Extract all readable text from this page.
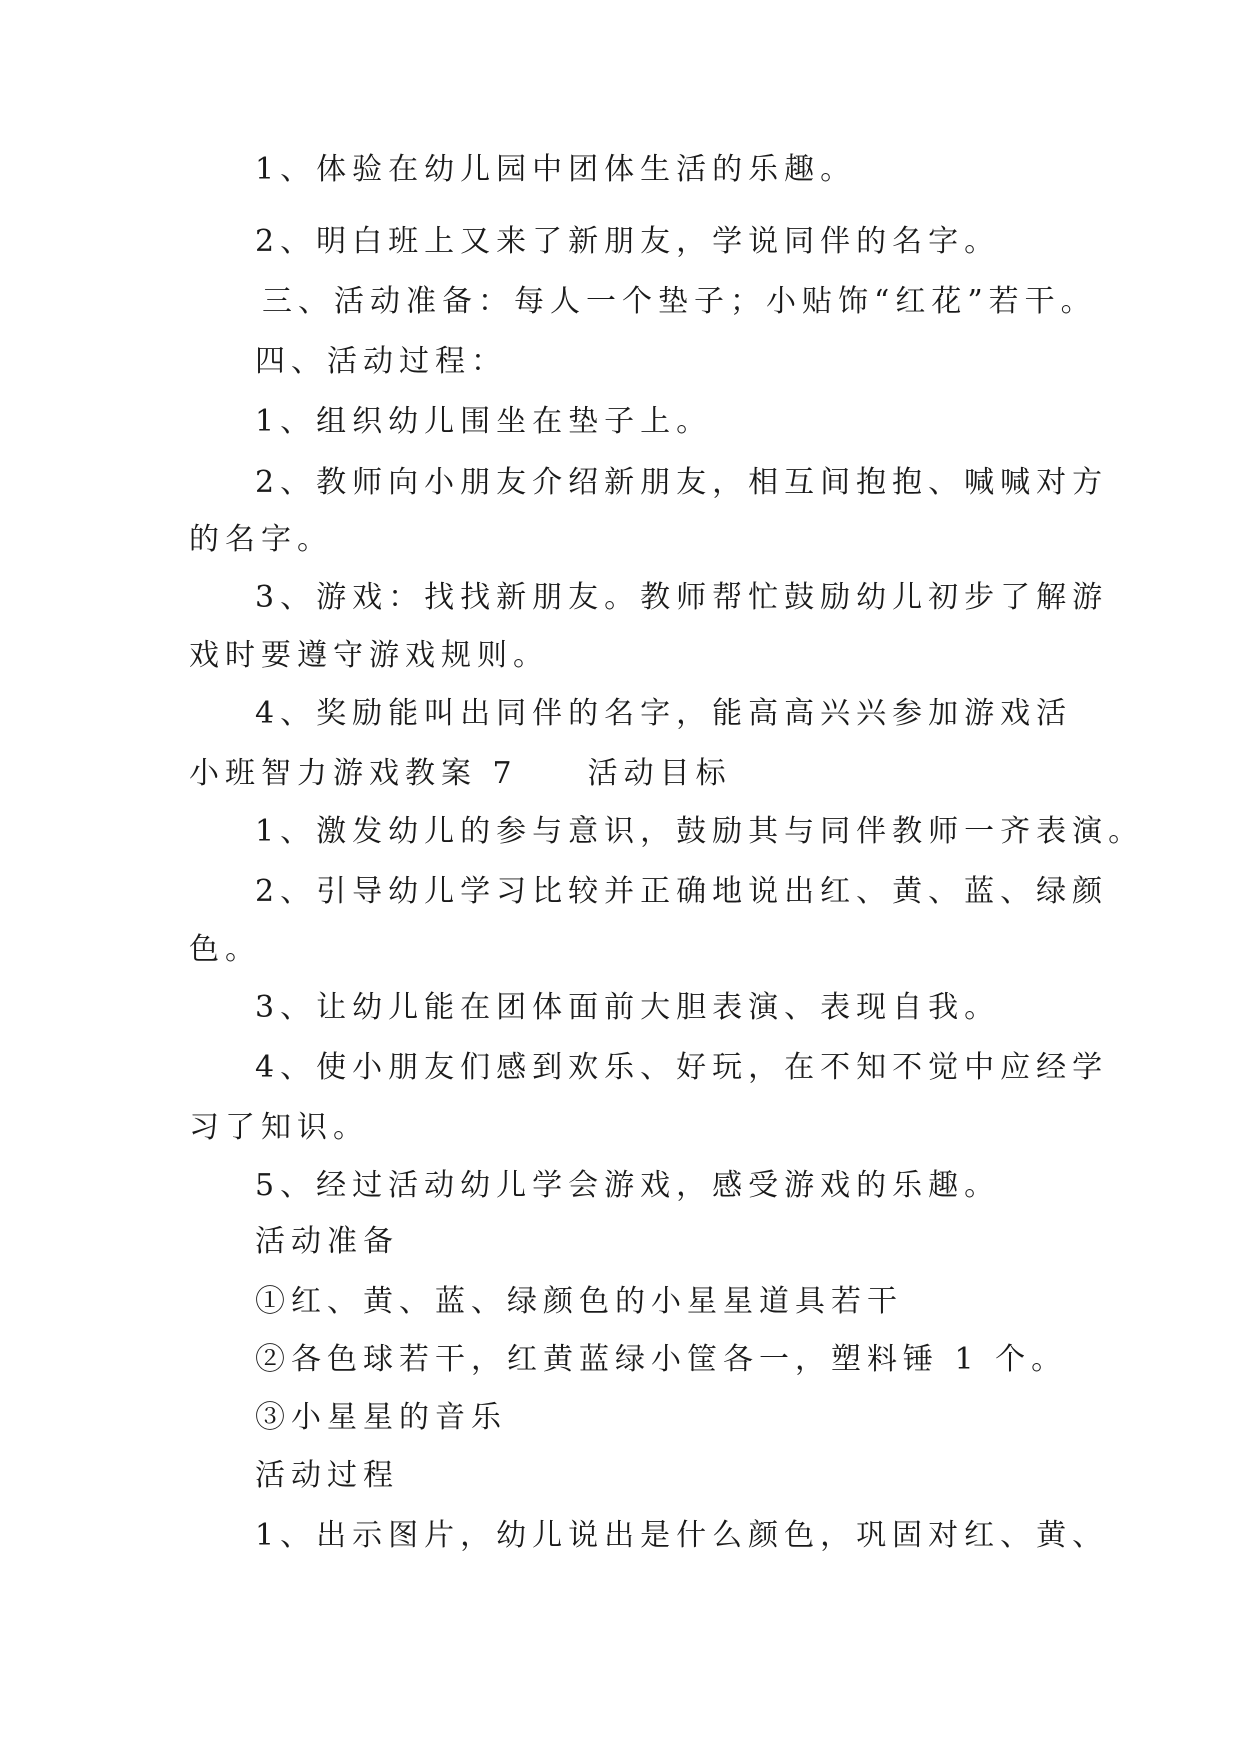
1、体验在幼儿园中团体生活的乐趣。
2、明白班上又来了新朋友，学说同伴的名字。
三、活动准备：每人一个垫子；小贴饰“红花”若干。
四、活动过程：
1、组织幼儿围坐在垫子上。
2、教师向小朋友介绍新朋友，相互间抱抱、喊喊对方
的名字。
3、游戏：找找新朋友。教师帮忙鼓励幼儿初步了解游
戏时要遵守游戏规则。
4、奖励能叫出同伴的名字，能高高兴兴参加游戏活
小班智力游戏教案 7 活动目标
1、激发幼儿的参与意识，鼓励其与同伴教师一齐表演。
2、引导幼儿学习比较并正确地说出红、黄、蓝、绿颜
色。
3、让幼儿能在团体面前大胆表演、表现自我。
4、使小朋友们感到欢乐、好玩，在不知不觉中应经学
习了知识。
5、经过活动幼儿学会游戏，感受游戏的乐趣。
活动准备
①红、黄、蓝、绿颜色的小星星道具若干
②各色球若干，红黄蓝绿小筐各一，塑料锤 1 个。
③小星星的音乐
活动过程
1、出示图片，幼儿说出是什么颜色，巩固对红、黄、
